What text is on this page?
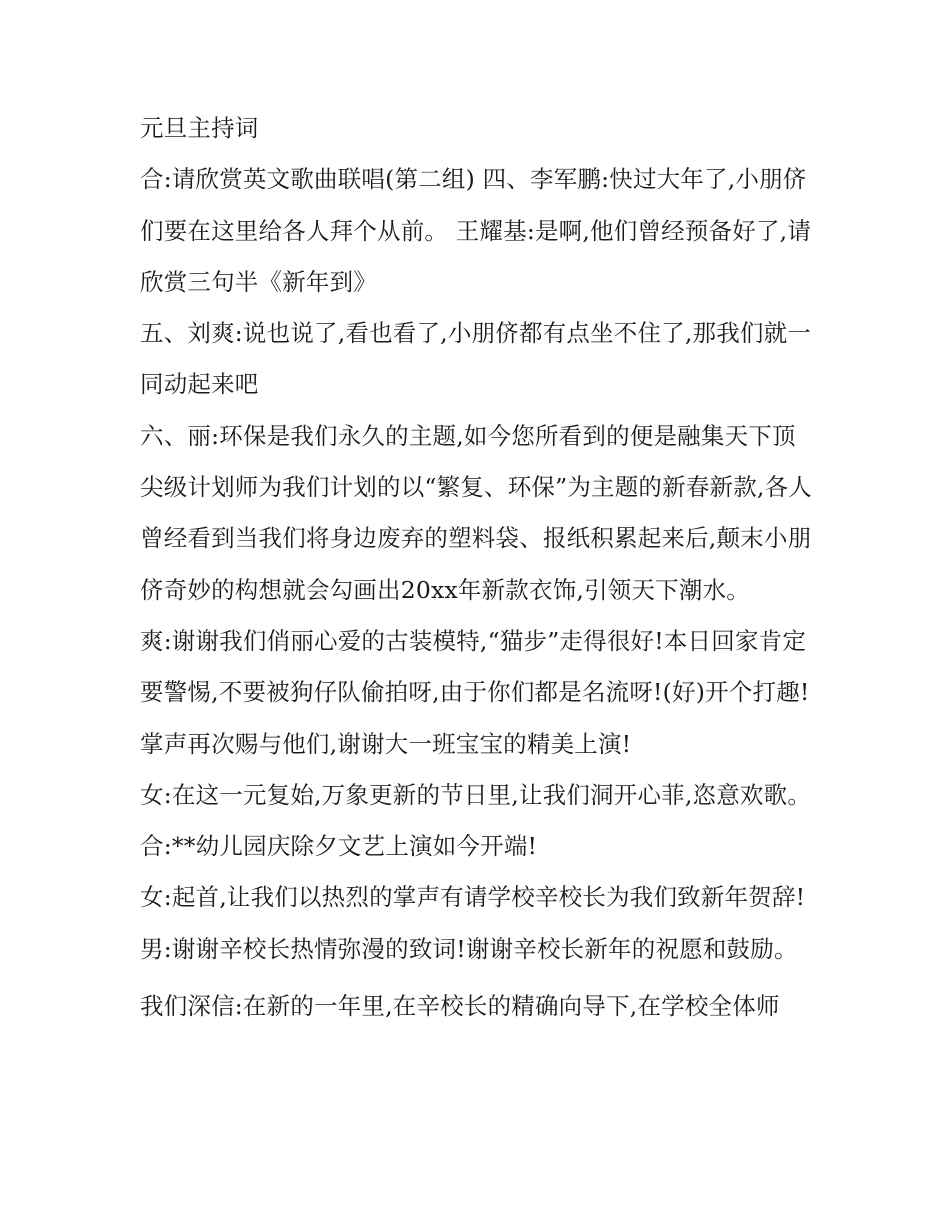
元旦主持词

合:请欣赏英文歌曲联唱(第二组) 四、李军鹏:快过大年了,小朋侪们要在这里给各人拜个从前。 王耀基:是啊,他们曾经预备好了,请欣赏三句半《新年到》

五、刘爽:说也说了,看也看了,小朋侪都有点坐不住了,那我们就一同动起来吧

六、丽:环保是我们永久的主题,如今您所看到的便是融集天下顶尖级计划师为我们计划的以“繁复、环保”为主题的新春新款,各人曾经看到当我们将身边废弃的塑料袋、报纸积累起来后,颠末小朋侪奇妙的构想就会勾画出20xx年新款衣饰,引领天下潮水。

爽:谢谢我们俏丽心爱的古装模特,“猫步”走得很好!本日回家肯定要警惕,不要被狗仔队偷拍呀,由于你们都是名流呀!(好)开个打趣!掌声再次赐与他们,谢谢大一班宝宝的精美上演!

女:在这一元复始,万象更新的节日里,让我们洞开心菲,恣意欢歌。 合:**幼儿园庆除夕文艺上演如今开端!

女:起首,让我们以热烈的掌声有请学校辛校长为我们致新年贺辞! 男:谢谢辛校长热情弥漫的致词!谢谢辛校长新年的祝愿和鼓励。

我们深信:在新的一年里,在辛校长的精确向导下,在学校全体师
